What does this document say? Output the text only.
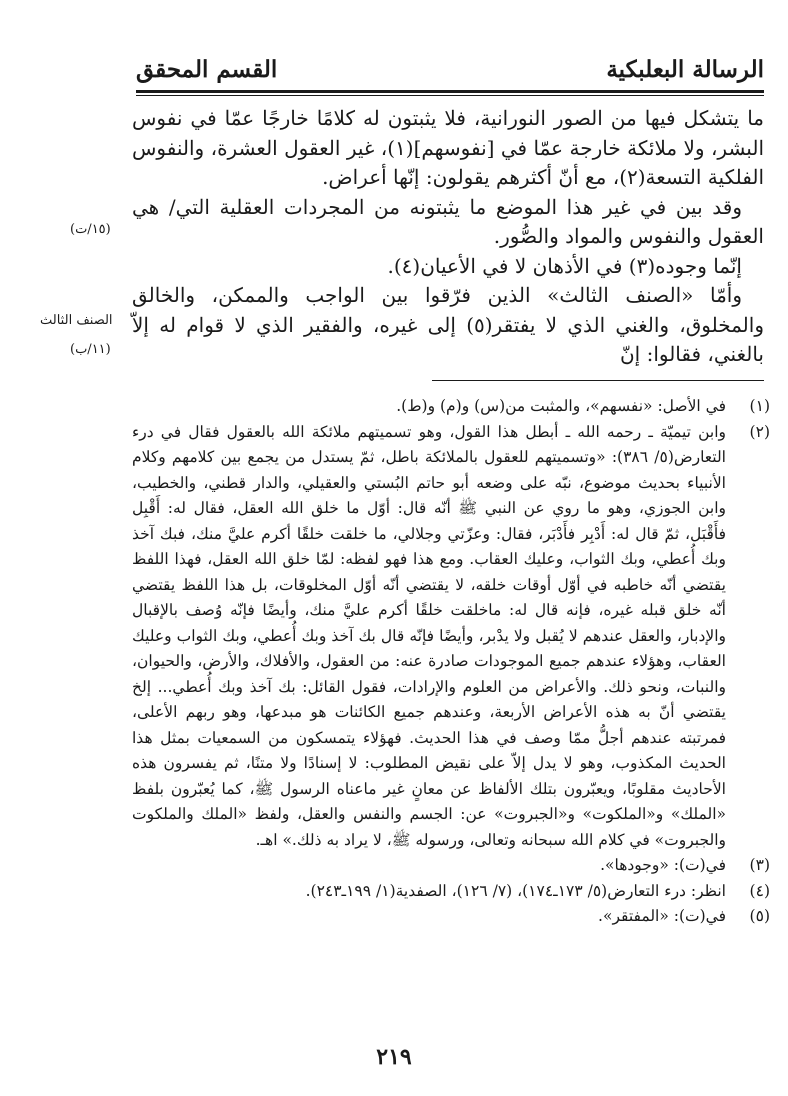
الرسالة البعلبكية
القسم المحقق

ما يتشكل فيها من الصور النورانية، فلا يثبتون له كلامًا خارجًا عمّا في نفوس البشر، ولا ملائكة خارجة عمّا في [نفوسهم](١)، غير العقول العشرة، والنفوس الفلكية التسعة(٢)، مع أنّ أكثرهم يقولون: إنّها أعراض.

وقد بين في غير هذا الموضع ما يثبتونه من المجردات العقلية التي/ هي العقول والنفوس والمواد والصُّور.

إنّما وجوده(٣) في الأذهان لا في الأعيان(٤).

وأمّا «الصنف الثالث» الذين فرّقوا بين الواجب والممكن، والخالق والمخلوق، والغني الذي لا يفتقر(٥) إلى غيره، والفقير الذي لا قوام له إلاّ بالغني، فقالوا: إنّ

(١٥/ت)
الصنف الثالث
(١١/ب)
(١)
في الأصل: «نفسهم»، والمثبت من(س) و(م) و(ط).
(٢)
وابن تيميّة ـ رحمه الله ـ أبطل هذا القول، وهو تسميتهم ملائكة الله بالعقول فقال في درء التعارض(٥/ ٣٨٦): «وتسميتهم للعقول بالملائكة باطل، ثمّ يستدل من يجمع بين كلامهم وكلام الأنبياء بحديث موضوع، نبّه على وضعه أبو حاتم البُستي والعقيلي، والدار قطني، والخطيب، وابن الجوزي، وهو ما روي عن النبي ﷺ أنّه قال: أوّل ما خلق الله العقل، فقال له: أَقْبِل فأَقْبَل، ثمّ قال له: أَدْبِر فأَدْبَر، فقال: وعزّتي وجلالي، ما خلقت خلقًا أكرم عليَّ منك، فبك آخذ وبك أُعطي، وبك الثواب، وعليك العقاب. ومع هذا فهو لفظه: لمّا خلق الله العقل، فهذا اللفظ يقتضي أنّه خاطبه في أوّل أوقات خلقه، لا يقتضي أنّه أوّل المخلوقات، بل هذا اللفظ يقتضي أنّه خلق قبله غيره، فإنه قال له: ماخلقت خلقًا أكرم عليَّ منك، وأيضًا فإنّه وُصف بالإقبال والإدبار، والعقل عندهم لا يُقبل ولا يدْبر، وأيضًا فإنّه قال بك آخذ وبك أُعطي، وبك الثواب وعليك العقاب، وهؤلاء عندهم جميع الموجودات صادرة عنه: من العقول، والأفلاك، والأرض، والحيوان، والنبات، ونحو ذلك. والأعراض من العلوم والإرادات، فقول القائل: بك آخذ وبك أُعطي... إلخ يقتضي أنّ به هذه الأعراض الأربعة، وعندهم جميع الكائنات هو مبدعها، وهو ربهم الأعلى، فمرتبته عندهم أجلُّ ممّا وصف في هذا الحديث. فهؤلاء يتمسكون من السمعيات بمثل هذا الحديث المكذوب، وهو لا يدل إلاّ على نقيض المطلوب: لا إسنادًا ولا متنًا، ثم يفسرون هذه الأحاديث مقلوبًا، ويعبّرون بتلك الألفاظ عن معانٍ غير ماعناه الرسول ﷺ، كما يُعبّرون بلفظ «الملك» و«الملكوت» و«الجبروت» عن: الجسم والنفس والعقل، ولفظ «الملك والملكوت والجبروت» في كلام الله سبحانه وتعالى، ورسوله ﷺ، لا يراد به ذلك.» اهـ.
(٣)
في(ت): «وجودها».
(٤)
انظر: درء التعارض(٥/ ١٧٣ـ١٧٤)، (٧/ ١٢٦)، الصفدية(١/ ١٩٩ـ٢٤٣).
(٥)
في(ت): «المفتقر».
٢١٩
